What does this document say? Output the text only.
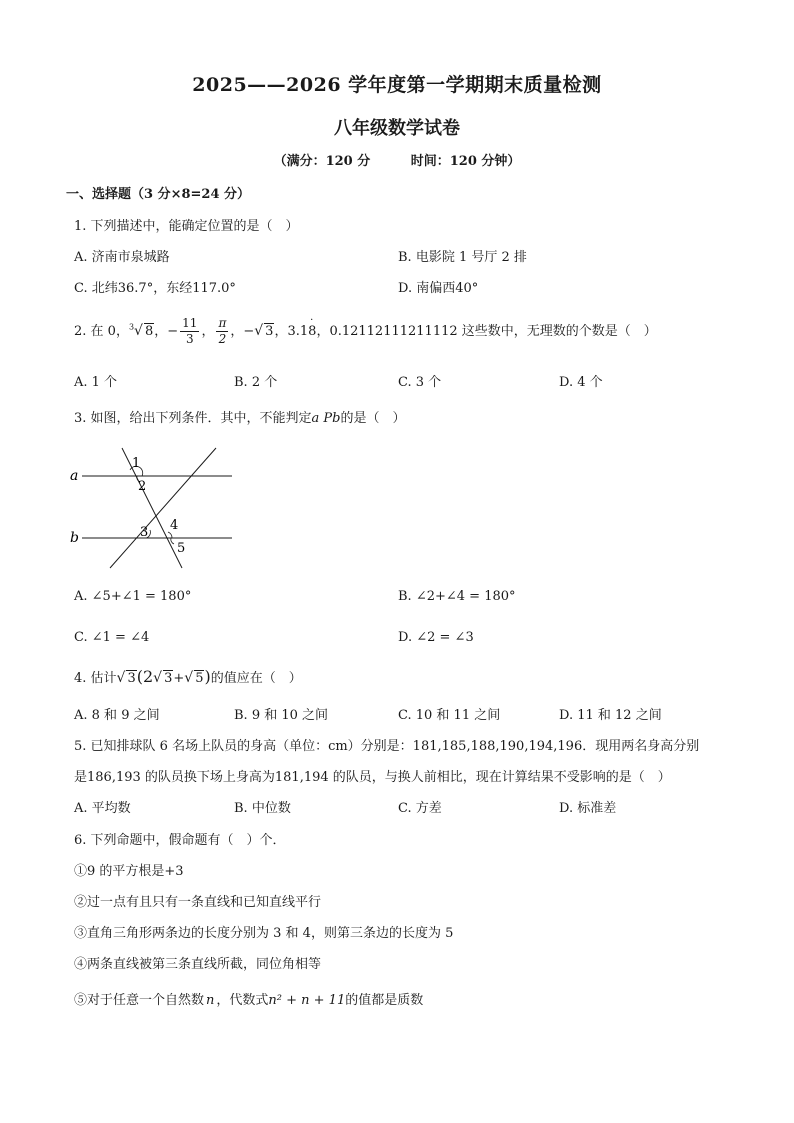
2025——2026 学年度第一学期期末质量检测
八年级数学试卷
（满分：120 分	时间：120 分钟）
一、选择题（3 分×8=24 分）
1. 下列描述中，能确定位置的是（　）
A. 济南市泉城路	B. 电影院 1 号厅 2 排
C. 北纬36.7°，东经117.0°	D. 南偏西40°
2. 在 0，$^3$√ 8，− $\frac{11}{3}$ ， $\frac{\pi}{2}$ ，−√ 3，3.18
·
，0.12112111211112 这些数中，无理数的个数是（　）
A. 1 个	B. 2 个	C. 3 个	D. 4 个
3. 如图，给出下列条件．其中，不能判定a Pb的是（　）
a
b
1
2
3 4
5
A. ∠5+∠1 = 180°	B. ∠2+∠4 = 180°
C. ∠1 = ∠4	D. ∠2 = ∠3
4. 估计√ 3(2√ 3+√ 5)的值应在（　）
A. 8 和 9 之间	B. 9 和 10 之间	C. 10 和 11 之间	D. 11 和 12 之间
5. 已知排球队 6 名场上队员的身高（单位：cm）分别是：181,185,188,190,194,196．现用两名身高分别
是186,193 的队员换下场上身高为181,194 的队员，与换人前相比，现在计算结果不受影响的是（　）
A. 平均数	B. 中位数	C. 方差	D. 标准差
6. 下列命题中，假命题有（　）个．
①9 的平方根是+3
②过一点有且只有一条直线和已知直线平行
③直角三角形两条边的长度分别为 3 和 4，则第三条边的长度为 5
④两条直线被第三条直线所截，同位角相等
⑤对于任意一个自然数 n ，代数式n² + n + 11的值都是质数
